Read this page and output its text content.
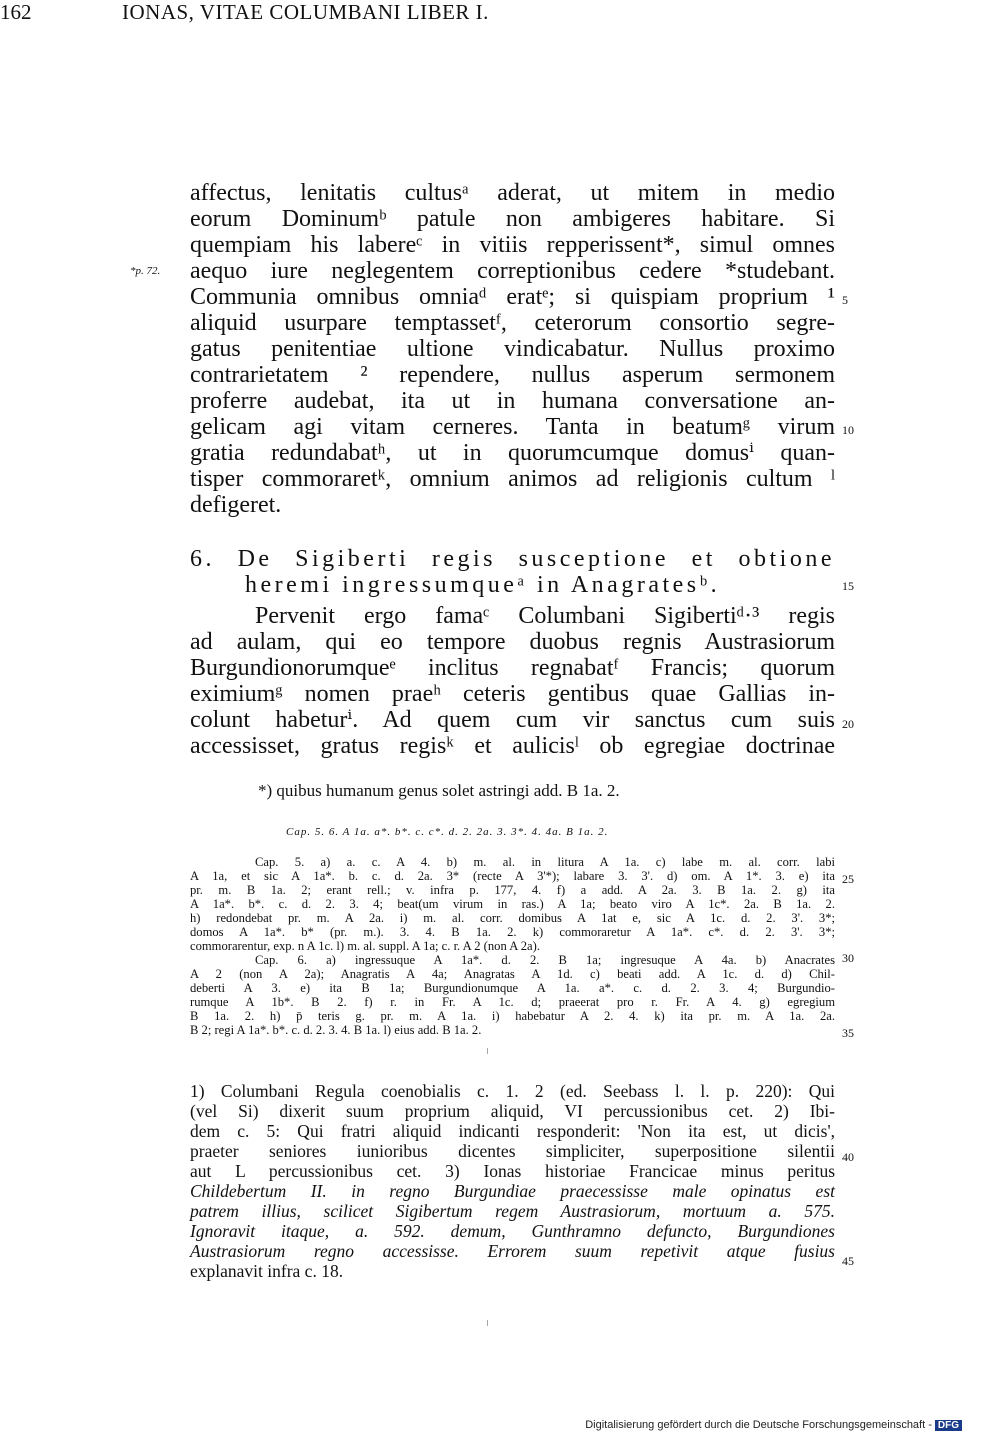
162	IONAS, VITAE COLUMBANI LIBER I.
*p. 72.
affectus, lenitatis cultusᵃ aderat, ut mitem in medio
eorum Dominumᵇ patule non ambigeres habitare. Si
quempiam his labereᶜ in vitiis repperissent*, simul omnes
aequo iure neglegentem correptionibus cedere *studebant.
Communia omnibus omniaᵈ eratᵉ; si quispiam proprium ¹
aliquid usurpare temptassetᶠ, ceterorum consortio segre-
gatus penitentiae ultione vindicabatur. Nullus proximo
contrarietatem ² rependere, nullus asperum sermonem
proferre audebat, ita ut in humana conversatione an-
gelicam agi vitam cerneres. Tanta in beatumᵍ virum
gratia redundabatʰ, ut in quorumcumque domusⁱ quan-
tisper commoraretᵏ, omnium animos ad religionis cultum ˡ
defigeret.
6. De Sigiberti regis susceptione et obtione
heremi ingressumqueᵃ in Anagratesᵇ.
Pervenit ergo famaᶜ Columbani Sigibertiᵈ·³ regis
ad aulam, qui eo tempore duobus regnis Austrasiorum
Burgundionorumqueᵉ inclitus regnabatᶠ Francis; quorum
eximiumᵍ nomen praeʰ ceteris gentibus quae Gallias in-
colunt habeturⁱ. Ad quem cum vir sanctus cum suis
accessisset, gratus regisᵏ et aulicisˡ ob egregiae doctrinae
5
10
15
20
25
30
35
40
45
*) quibus humanum genus solet astringi add. B 1a. 2.
Cap. 5. 6. A 1a. a*. b*. c. c*. d. 2. 2a. 3. 3*. 4. 4a. B 1a. 2.
Cap. 5. a) a. c. A 4. b) m. al. in litura A 1a. c) labe m. al. corr. labi
A 1a, et sic A 1a*. b. c. d. 2a. 3* (recte A 3'*); labare 3. 3'. d) om. A 1*. 3. e) ita
pr. m. B 1a. 2; erant rell.; v. infra p. 177, 4. f) a add. A 2a. 3. B 1a. 2. g) ita
A 1a*. b*. c. d. 2. 3. 4; beat(um virum in ras.) A 1a; beato viro A 1c*. 2a. B 1a. 2.
h) redondebat pr. m. A 2a. i) m. al. corr. domibus A 1at e, sic A 1c. d. 2. 3'. 3*;
domos A 1a*. b* (pr. m.). 3. 4. B 1a. 2. k) commoraretur A 1a*. c*. d. 2. 3'. 3*;
commorarentur, exp. n A 1c. l) m. al. suppl. A 1a; c. r. A 2 (non A 2a).
Cap. 6. a) ingressuque A 1a*. d. 2. B 1a; ingresuque A 4a. b) Anacrates
A 2 (non A 2a); Anagratis A 4a; Anagratas A 1d. c) beati add. A 1c. d. d) Chil-
deberti A 3. e) ita B 1a; Burgundionumque A 1a. a*. c. d. 2. 3. 4; Burgundio-
rumque A 1b*. B 2. f) r. in Fr. A 1c. d; praeerat pro r. Fr. A 4. g) egregium
B 1a. 2. h) p̄ teris g. pr. m. A 1a. i) habebatur A 2. 4. k) ita pr. m. A 1a. 2a.
B 2; regi A 1a*. b*. c. d. 2. 3. 4. B 1a. l) eius add. B 1a. 2.
1) Columbani Regula coenobialis c. 1. 2 (ed. Seebass l. l. p. 220): Qui
(vel Si) dixerit suum proprium aliquid, VI percussionibus cet. 2) Ibi-
dem c. 5: Qui fratri aliquid indicanti responderit: 'Non ita est, ut dicis',
praeter seniores iunioribus dicentes simpliciter, superpositione silentii
aut L percussionibus cet. 3) Ionas historiae Francicae minus peritus
Childebertum II. in regno Burgundiae praecessisse male opinatus est
patrem illius, scilicet Sigibertum regem Austrasiorum, mortuum a. 575.
Ignoravit itaque, a. 592. demum, Gunthramno defuncto, Burgundiones
Austrasiorum regno accessisse. Errorem suum repetivit atque fusius
explanavit infra c. 18.
Digitalisierung gefördert durch die Deutsche Forschungsgemeinschaft - DFG
